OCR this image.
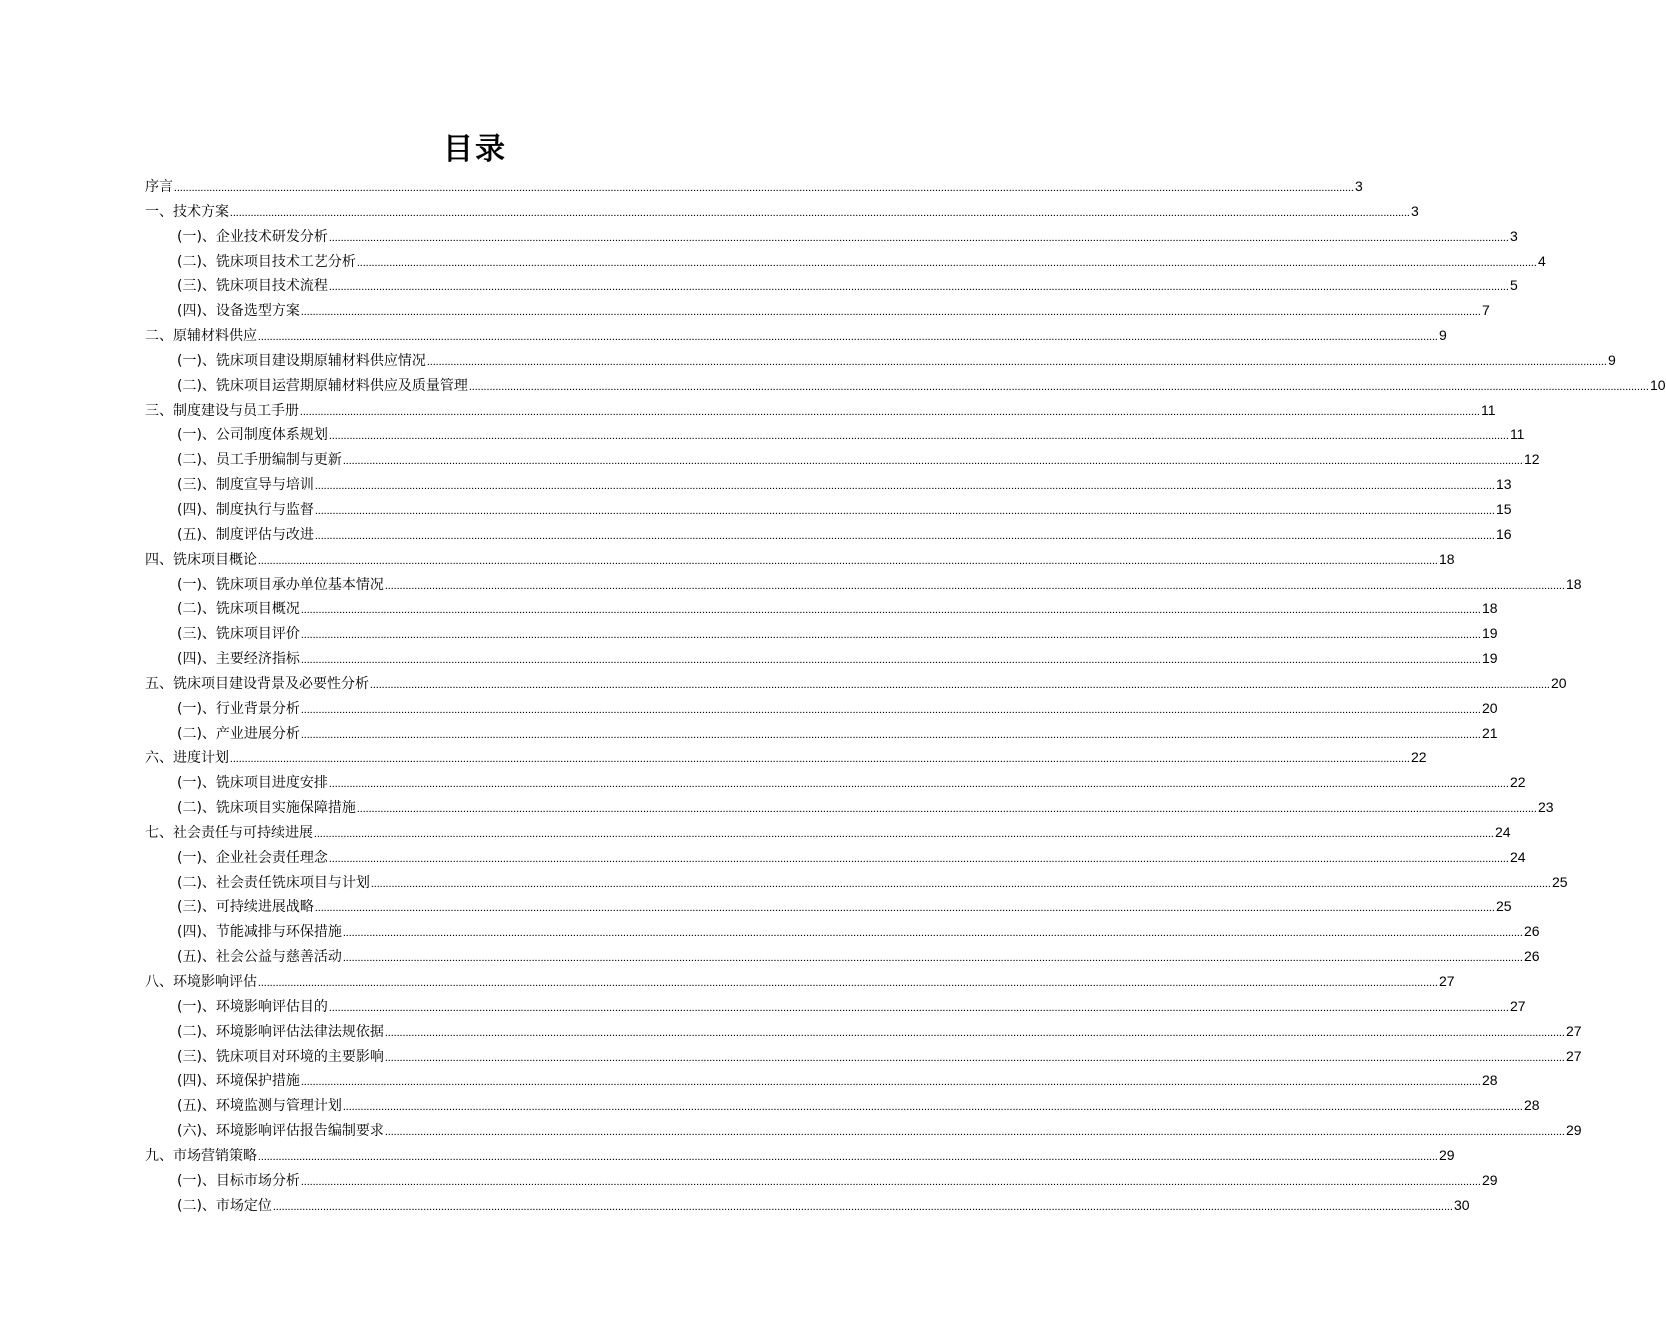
目录
序言 ................................................................................................................................................................................................................................................................................................................................................................................................................ 3
一、技术方案 ................................................................................................................................................................................................................................................................................................................................................................................................................ 3
(一)、企业技术研发分析 ................................................................................................................................................................................................................................................................................................................................................................................................................ 3
(二)、铣床项目技术工艺分析 ................................................................................................................................................................................................................................................................................................................................................................................................................ 4
(三)、铣床项目技术流程 ................................................................................................................................................................................................................................................................................................................................................................................................................ 5
(四)、设备选型方案 ................................................................................................................................................................................................................................................................................................................................................................................................................ 7
二、原辅材料供应 ................................................................................................................................................................................................................................................................................................................................................................................................................ 9
(一)、铣床项目建设期原辅材料供应情况 ................................................................................................................................................................................................................................................................................................................................................................................................................ 9
(二)、铣床项目运营期原辅材料供应及质量管理 ................................................................................................................................................................................................................................................................................................................................................................................................................ 10
三、制度建设与员工手册 ................................................................................................................................................................................................................................................................................................................................................................................................................ 11
(一)、公司制度体系规划 ................................................................................................................................................................................................................................................................................................................................................................................................................ 11
(二)、员工手册编制与更新 ................................................................................................................................................................................................................................................................................................................................................................................................................ 12
(三)、制度宣导与培训 ................................................................................................................................................................................................................................................................................................................................................................................................................ 13
(四)、制度执行与监督 ................................................................................................................................................................................................................................................................................................................................................................................................................ 15
(五)、制度评估与改进 ................................................................................................................................................................................................................................................................................................................................................................................................................ 16
四、铣床项目概论 ................................................................................................................................................................................................................................................................................................................................................................................................................ 18
(一)、铣床项目承办单位基本情况 ................................................................................................................................................................................................................................................................................................................................................................................................................ 18
(二)、铣床项目概况 ................................................................................................................................................................................................................................................................................................................................................................................................................ 18
(三)、铣床项目评价 ................................................................................................................................................................................................................................................................................................................................................................................................................ 19
(四)、主要经济指标 ................................................................................................................................................................................................................................................................................................................................................................................................................ 19
五、铣床项目建设背景及必要性分析 ................................................................................................................................................................................................................................................................................................................................................................................................................ 20
(一)、行业背景分析 ................................................................................................................................................................................................................................................................................................................................................................................................................ 20
(二)、产业进展分析 ................................................................................................................................................................................................................................................................................................................................................................................................................ 21
六、进度计划 ................................................................................................................................................................................................................................................................................................................................................................................................................ 22
(一)、铣床项目进度安排 ................................................................................................................................................................................................................................................................................................................................................................................................................ 22
(二)、铣床项目实施保障措施 ................................................................................................................................................................................................................................................................................................................................................................................................................ 23
七、社会责任与可持续进展 ................................................................................................................................................................................................................................................................................................................................................................................................................ 24
(一)、企业社会责任理念 ................................................................................................................................................................................................................................................................................................................................................................................................................ 24
(二)、社会责任铣床项目与计划 ................................................................................................................................................................................................................................................................................................................................................................................................................ 25
(三)、可持续进展战略 ................................................................................................................................................................................................................................................................................................................................................................................................................ 25
(四)、节能减排与环保措施 ................................................................................................................................................................................................................................................................................................................................................................................................................ 26
(五)、社会公益与慈善活动 ................................................................................................................................................................................................................................................................................................................................................................................................................ 26
八、环境影响评估 ................................................................................................................................................................................................................................................................................................................................................................................................................ 27
(一)、环境影响评估目的 ................................................................................................................................................................................................................................................................................................................................................................................................................ 27
(二)、环境影响评估法律法规依据 ................................................................................................................................................................................................................................................................................................................................................................................................................ 27
(三)、铣床项目对环境的主要影响 ................................................................................................................................................................................................................................................................................................................................................................................................................ 27
(四)、环境保护措施 ................................................................................................................................................................................................................................................................................................................................................................................................................ 28
(五)、环境监测与管理计划 ................................................................................................................................................................................................................................................................................................................................................................................................................ 28
(六)、环境影响评估报告编制要求 ................................................................................................................................................................................................................................................................................................................................................................................................................ 29
九、市场营销策略 ................................................................................................................................................................................................................................................................................................................................................................................................................ 29
(一)、目标市场分析 ................................................................................................................................................................................................................................................................................................................................................................................................................ 29
(二)、市场定位 ................................................................................................................................................................................................................................................................................................................................................................................................................ 30
